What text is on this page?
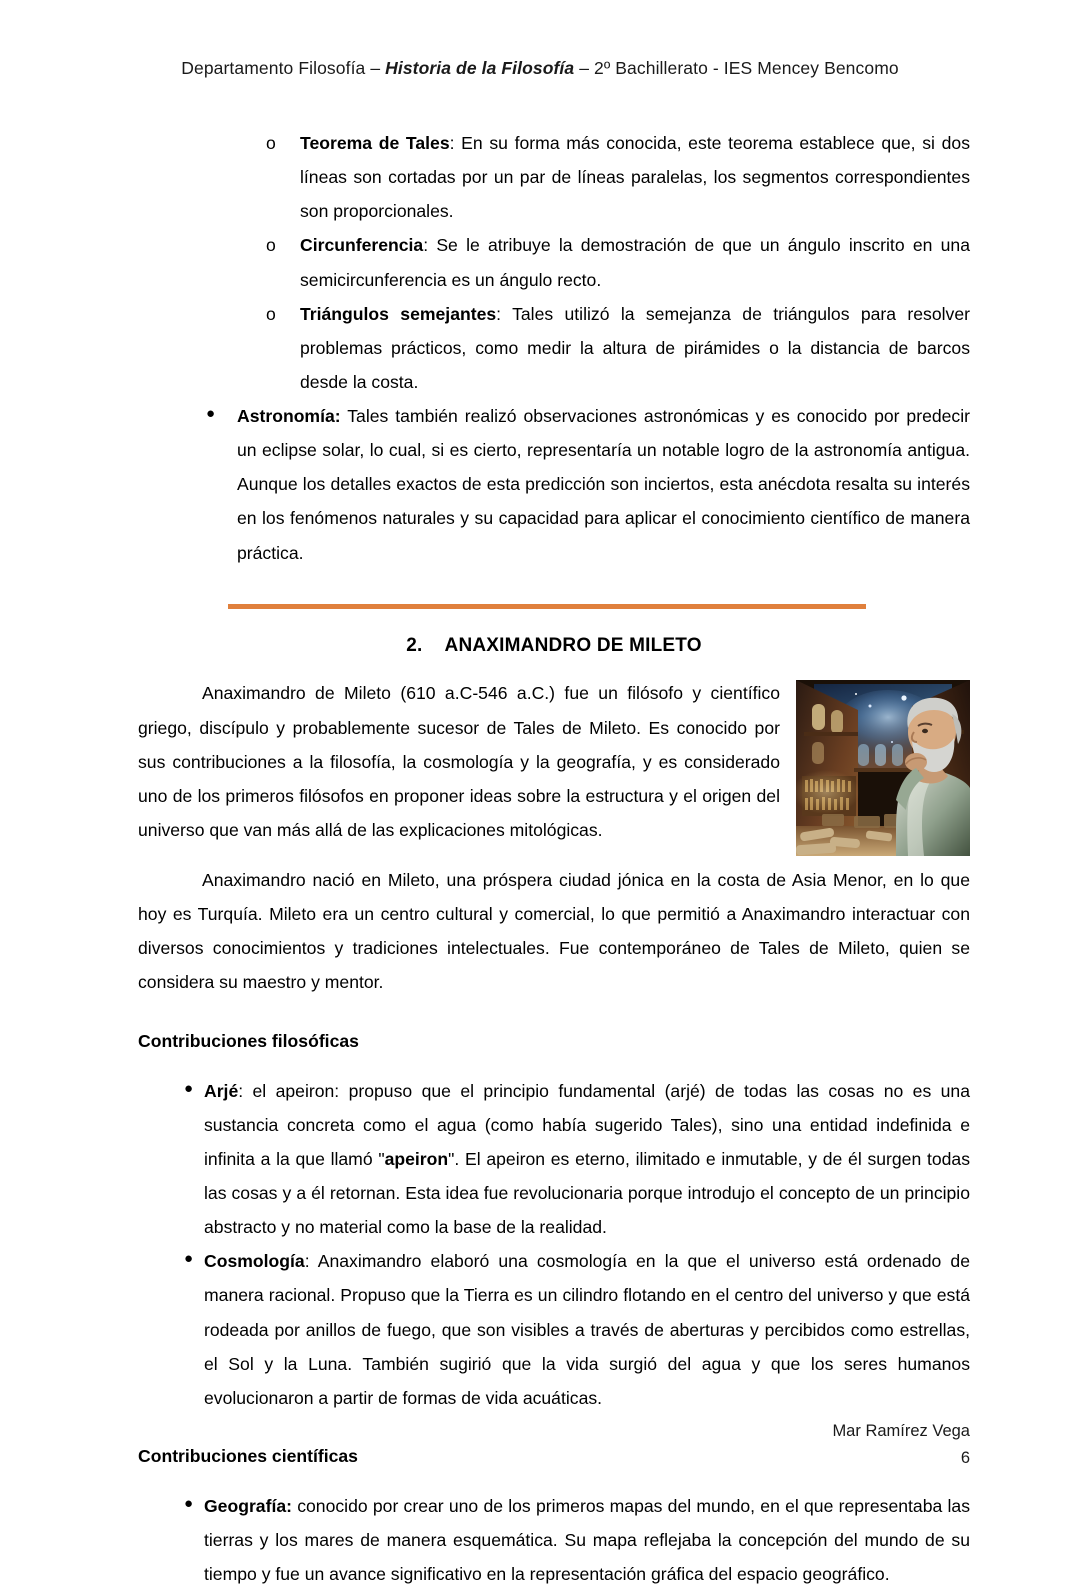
Departamento Filosofía – Historia de la Filosofía – 2º Bachillerato - IES Mencey Bencomo
o Teorema de Tales: En su forma más conocida, este teorema establece que, si dos líneas son cortadas por un par de líneas paralelas, los segmentos correspondientes son proporcionales.

o Circunferencia: Se le atribuye la demostración de que un ángulo inscrito en una semicircunferencia es un ángulo recto.

o Triángulos semejantes: Tales utilizó la semejanza de triángulos para resolver problemas prácticos, como medir la altura de pirámides o la distancia de barcos desde la costa.

● Astronomía: Tales también realizó observaciones astronómicas y es conocido por predecir un eclipse solar, lo cual, si es cierto, representaría un notable logro de la astronomía antigua. Aunque los detalles exactos de esta predicción son inciertos, esta anécdota resalta su interés en los fenómenos naturales y su capacidad para aplicar el conocimiento científico de manera práctica.

2. ANAXIMANDRO DE MILETO

Anaximandro de Mileto (610 a.C-546 a.C.) fue un filósofo y científico griego, discípulo y probablemente sucesor de Tales de Mileto. Es conocido por sus contribuciones a la filosofía, la cosmología y la geografía, y es considerado uno de los primeros filósofos en proponer ideas sobre la estructura y el origen del universo que van más allá de las explicaciones mitológicas.

Anaximandro nació en Mileto, una próspera ciudad jónica en la costa de Asia Menor, en lo que hoy es Turquía. Mileto era un centro cultural y comercial, lo que permitió a Anaximandro interactuar con diversos conocimientos y tradiciones intelectuales. Fue contemporáneo de Tales de Mileto, quien se considera su maestro y mentor.

Contribuciones filosóficas

● Arjé: el apeiron: propuso que el principio fundamental (arjé) de todas las cosas no es una sustancia concreta como el agua (como había sugerido Tales), sino una entidad indefinida e infinita a la que llamó "apeiron". El apeiron es eterno, ilimitado e inmutable, y de él surgen todas las cosas y a él retornan. Esta idea fue revolucionaria porque introdujo el concepto de un principio abstracto y no material como la base de la realidad.

● Cosmología: Anaximandro elaboró una cosmología en la que el universo está ordenado de manera racional. Propuso que la Tierra es un cilindro flotando en el centro del universo y que está rodeada por anillos de fuego, que son visibles a través de aberturas y percibidos como estrellas, el Sol y la Luna. También sugirió que la vida surgió del agua y que los seres humanos evolucionaron a partir de formas de vida acuáticas.

Contribuciones científicas

● Geografía: conocido por crear uno de los primeros mapas del mundo, en el que representaba las tierras y los mares de manera esquemática. Su mapa reflejaba la concepción del mundo de su tiempo y fue un avance significativo en la representación gráfica del espacio geográfico.

Mar Ramírez Vega
6
